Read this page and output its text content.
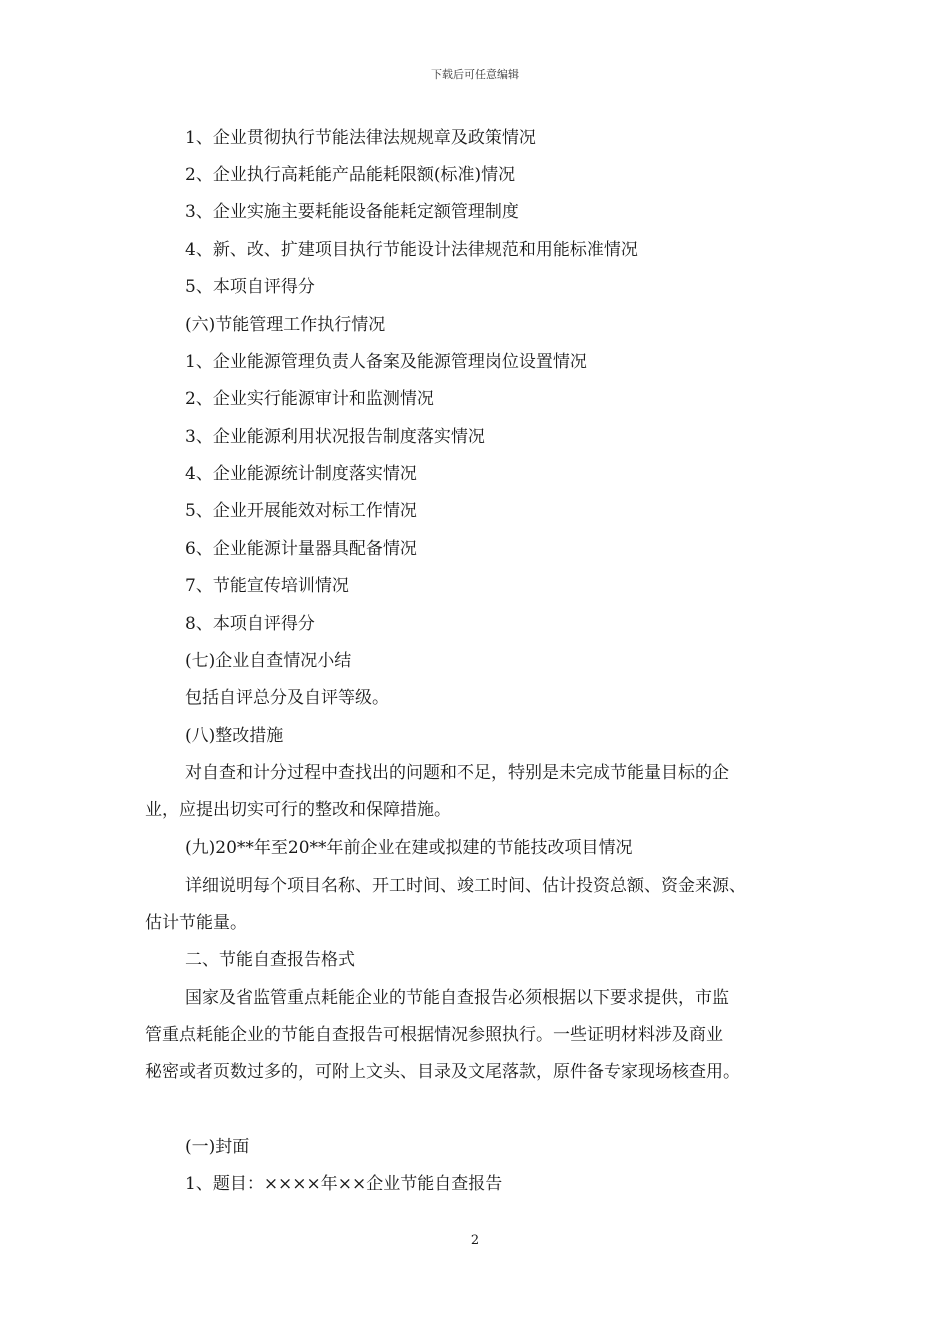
下载后可任意编辑
1、企业贯彻执行节能法律法规规章及政策情况
2、企业执行高耗能产品能耗限额(标准)情况
3、企业实施主要耗能设备能耗定额管理制度
4、新、改、扩建项目执行节能设计法律规范和用能标准情况
5、本项自评得分
(六)节能管理工作执行情况
1、企业能源管理负责人备案及能源管理岗位设置情况
2、企业实行能源审计和监测情况
3、企业能源利用状况报告制度落实情况
4、企业能源统计制度落实情况
5、企业开展能效对标工作情况
6、企业能源计量器具配备情况
7、节能宣传培训情况
8、本项自评得分
(七)企业自查情况小结
包括自评总分及自评等级。
(八)整改措施
对自查和计分过程中查找出的问题和不足，特别是未完成节能量目标的企
业，应提出切实可行的整改和保障措施。
(九)20**年至20**年前企业在建或拟建的节能技改项目情况
详细说明每个项目名称、开工时间、竣工时间、估计投资总额、资金来源、
估计节能量。
二、节能自查报告格式
国家及省监管重点耗能企业的节能自查报告必须根据以下要求提供，市监
管重点耗能企业的节能自查报告可根据情况参照执行。一些证明材料涉及商业
秘密或者页数过多的，可附上文头、目录及文尾落款，原件备专家现场核查用。
(一)封面
1、题目：××××年××企业节能自查报告
2
